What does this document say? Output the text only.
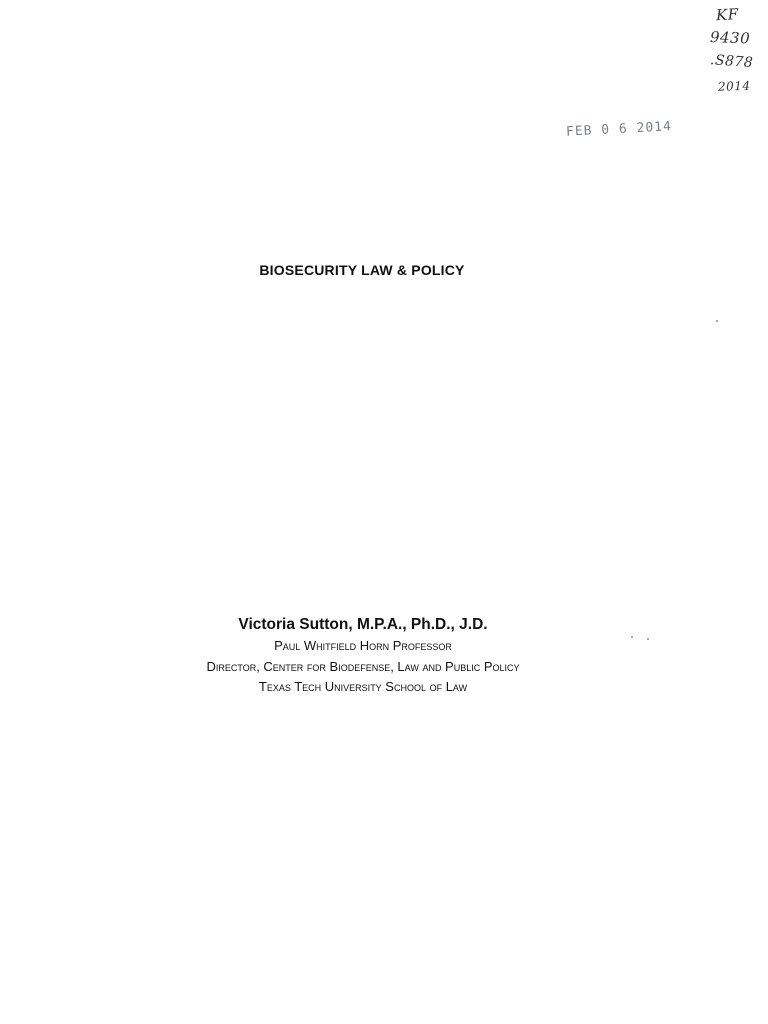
KF
9430
.S878
2014
FEB 0 6 2014
BIOSECURITY LAW & POLICY
Victoria Sutton, M.P.A., Ph.D., J.D.
Paul Whitfield Horn Professor
Director, Center for Biodefense, Law and Public Policy
Texas Tech University School of Law
